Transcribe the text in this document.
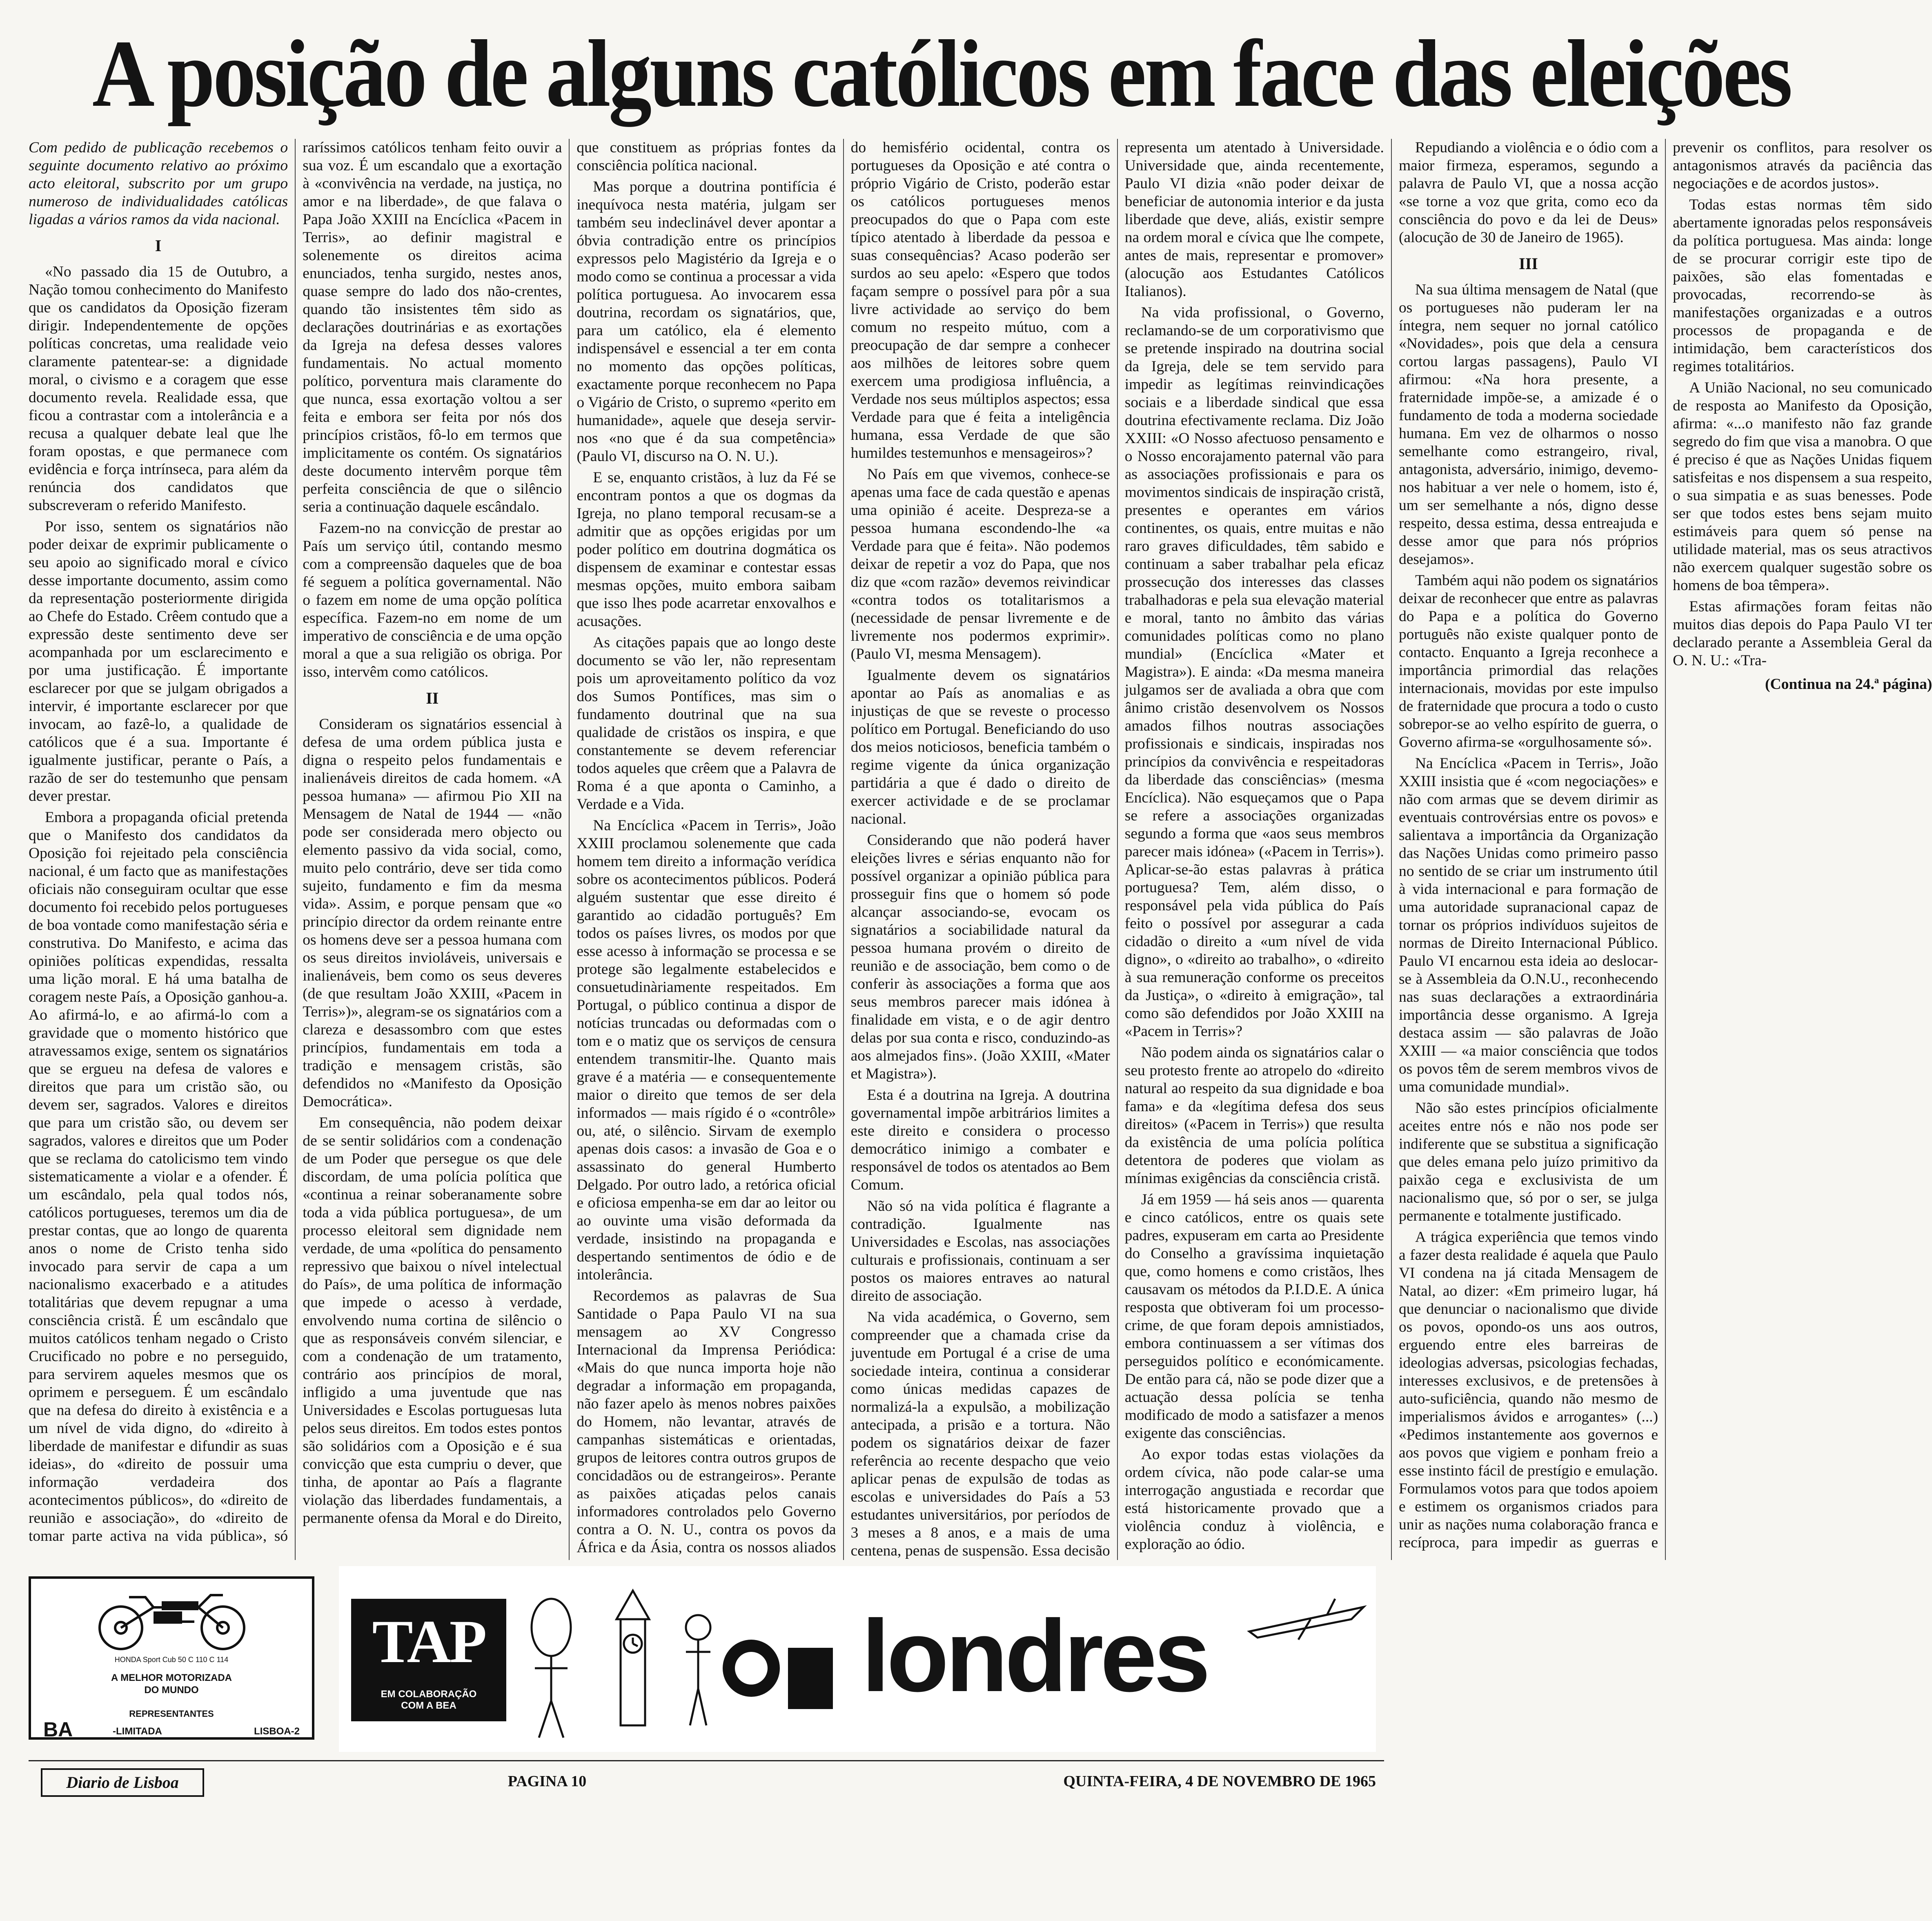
A posição de alguns católicos em face das eleições

Com pedido de publicação recebemos o seguinte documento relativo ao próximo acto eleitoral, subscrito por um grupo numeroso de individualidades católicas ligadas a vários ramos da vida nacional.

I

«No passado dia 15 de Outubro, a Nação tomou conhecimento do Manifesto que os candidatos da Oposição fizeram dirigir. Independentemente de opções políticas concretas, uma realidade veio claramente patentear-se: a dignidade moral, o civismo e a coragem que esse documento revela. Realidade essa, que ficou a contrastar com a intolerância e a recusa a qualquer debate leal que lhe foram opostas, e que permanece com evidência e força intrínseca, para além da renúncia dos candidatos que subscreveram o referido Manifesto.

Por isso, sentem os signatários não poder deixar de exprimir publicamente o seu apoio ao significado moral e cívico desse importante documento, assim como da representação posteriormente dirigida ao Chefe do Estado. Crêem contudo que a expressão deste sentimento deve ser acompanhada por um esclarecimento e por uma justificação. É importante esclarecer por que se julgam obrigados a intervir, é importante esclarecer por que invocam, ao fazê-lo, a qualidade de católicos que é a sua. Importante é igualmente justificar, perante o País, a razão de ser do testemunho que pensam dever prestar.

Embora a propaganda oficial pretenda que o Manifesto dos candidatos da Oposição foi rejeitado pela consciência nacional, é um facto que as manifestações oficiais não conseguiram ocultar que esse documento foi recebido pelos portugueses de boa vontade como manifestação séria e construtiva. Do Manifesto, e acima das opiniões políticas expendidas, ressalta uma lição moral. E há uma batalha de coragem neste País, a Oposição ganhou-a. Ao afirmá-lo, e ao afirmá-lo com a gravidade que o momento histórico que atravessamos exige, sentem os signatários que se ergueu na defesa de valores e direitos que para um cristão são, ou devem ser, sagrados. Valores e direitos que para um cristão são, ou devem ser sagrados, valores e direitos que um Poder que se reclama do catolicismo tem vindo sistematicamente a violar e a ofender. É um escândalo, pela qual todos nós, católicos portugueses, teremos um dia de prestar contas, que ao longo de quarenta anos o nome de Cristo tenha sido invocado para servir de capa a um nacionalismo exacerbado e a atitudes totalitárias que devem repugnar a uma consciência cristã. É um escândalo que muitos católicos tenham negado o Cristo Crucificado no pobre e no perseguido, para servirem aqueles mesmos que os oprimem e perseguem. É um escândalo que na defesa do direito à existência e a um nível de vida digno, do «direito à liberdade de manifestar e difundir as suas ideias», do «direito de possuir uma informação verdadeira dos acontecimentos públicos», do «direito de reunião e associação», do «direito de tomar parte activa na vida pública», só raríssimos católicos tenham feito ouvir a sua voz. É um escandalo que a exortação à «convivência na verdade, na justiça, no amor e na liberdade», de que falava o Papa João XXIII na Encíclica «Pacem in Terris», ao definir magistral e solenemente os direitos acima enunciados, tenha surgido, nestes anos, quase sempre do lado dos não-crentes, quando tão insistentes têm sido as declarações doutrinárias e as exortações da Igreja na defesa desses valores fundamentais. No actual momento político, porventura mais claramente do que nunca, essa exortação voltou a ser feita e embora ser feita por nós dos princípios cristãos, fô-lo em termos que implicitamente os contém. Os signatários deste documento intervêm porque têm perfeita consciência de que o silêncio seria a continuação daquele escândalo.

Fazem-no na convicção de prestar ao País um serviço útil, contando mesmo com a compreensão daqueles que de boa fé seguem a política governamental. Não o fazem em nome de uma opção política específica. Fazem-no em nome de um imperativo de consciência e de uma opção moral a que a sua religião os obriga. Por isso, intervêm como católicos.

II

Consideram os signatários essencial à defesa de uma ordem pública justa e digna o respeito pelos fundamentais e inalienáveis direitos de cada homem. «A pessoa humana» — afirmou Pio XII na Mensagem de Natal de 1944 — «não pode ser considerada mero objecto ou elemento passivo da vida social, como, muito pelo contrário, deve ser tida como sujeito, fundamento e fim da mesma vida». Assim, e porque pensam que «o princípio director da ordem reinante entre os homens deve ser a pessoa humana com os seus direitos invioláveis, universais e inalienáveis, bem como os seus deveres (de que resultam João XXIII, «Pacem in Terris»)», alegram-se os signatários com a clareza e desassombro com que estes princípios, fundamentais em toda a tradição e mensagem cristãs, são defendidos no «Manifesto da Oposição Democrática».

Em consequência, não podem deixar de se sentir solidários com a condenação de um Poder que persegue os que dele discordam, de uma polícia política que «continua a reinar soberanamente sobre toda a vida pública portuguesa», de um processo eleitoral sem dignidade nem verdade, de uma «política do pensamento repressivo que baixou o nível intelectual do País», de uma política de informação que impede o acesso à verdade, envolvendo numa cortina de silêncio o que as responsáveis convém silenciar, e com a condenação de um tratamento, contrário aos princípios de moral, infligido a uma juventude que nas Universidades e Escolas portuguesas luta pelos seus direitos. Em todos estes pontos são solidários com a Oposição e é sua convicção que esta cumpriu o dever, que tinha, de apontar ao País a flagrante violação das liberdades fundamentais, a permanente ofensa da Moral e do Direito, que constituem as próprias fontes da consciência política nacional.

Mas porque a doutrina pontifícia é inequívoca nesta matéria, julgam ser também seu indeclinável dever apontar a óbvia contradição entre os princípios expressos pelo Magistério da Igreja e o modo como se continua a processar a vida política portuguesa. Ao invocarem essa doutrina, recordam os signatários, que, para um católico, ela é elemento indispensável e essencial a ter em conta no momento das opções políticas, exactamente porque reconhecem no Papa o Vigário de Cristo, o supremo «perito em humanidade», aquele que deseja servir-nos «no que é da sua competência» (Paulo VI, discurso na O. N. U.).

E se, enquanto cristãos, à luz da Fé se encontram pontos a que os dogmas da Igreja, no plano temporal recusam-se a admitir que as opções erigidas por um poder político em doutrina dogmática os dispensem de examinar e contestar essas mesmas opções, muito embora saibam que isso lhes pode acarretar enxovalhos e acusações.

As citações papais que ao longo deste documento se vão ler, não representam pois um aproveitamento político da voz dos Sumos Pontífices, mas sim o fundamento doutrinal que na sua qualidade de cristãos os inspira, e que constantemente se devem referenciar todos aqueles que crêem que a Palavra de Roma é a que aponta o Caminho, a Verdade e a Vida.

Na Encíclica «Pacem in Terris», João XXIII proclamou solenemente que cada homem tem direito a informação verídica sobre os acontecimentos públicos. Poderá alguém sustentar que esse direito é garantido ao cidadão português? Em todos os países livres, os modos por que esse acesso à informação se processa e se protege são legalmente estabelecidos e consuetudinàriamente respeitados. Em Portugal, o público continua a dispor de notícias truncadas ou deformadas com o tom e o matiz que os serviços de censura entendem transmitir-lhe. Quanto mais grave é a matéria — e consequentemente maior o direito que temos de ser dela informados — mais rígido é o «contrôle» ou, até, o silêncio. Sirvam de exemplo apenas dois casos: a invasão de Goa e o assassinato do general Humberto Delgado. Por outro lado, a retórica oficial e oficiosa empenha-se em dar ao leitor ou ao ouvinte uma visão deformada da verdade, insistindo na propaganda e despertando sentimentos de ódio e de intolerância.

Recordemos as palavras de Sua Santidade o Papa Paulo VI na sua mensagem ao XV Congresso Internacional da Imprensa Periódica: «Mais do que nunca importa hoje não degradar a informação em propaganda, não fazer apelo às menos nobres paixões do Homem, não levantar, através de campanhas sistemáticas e orientadas, grupos de leitores contra outros grupos de concidadãos ou de estrangeiros». Perante as paixões atiçadas pelos canais informadores controlados pelo Governo contra a O. N. U., contra os povos da África e da Ásia, contra os nossos aliados do hemisfério ocidental, contra os portugueses da Oposição e até contra o próprio Vigário de Cristo, poderão estar os católicos portugueses menos preocupados do que o Papa com este típico atentado à liberdade da pessoa e suas consequências? Acaso poderão ser surdos ao seu apelo: «Espero que todos façam sempre o possível para pôr a sua livre actividade ao serviço do bem comum no respeito mútuo, com a preocupação de dar sempre a conhecer aos milhões de leitores sobre quem exercem uma prodigiosa influência, a Verdade nos seus múltiplos aspectos; essa Verdade para que é feita a inteligência humana, essa Verdade de que são humildes testemunhos e mensageiros»?

No País em que vivemos, conhece-se apenas uma face de cada questão e apenas uma opinião é aceite. Despreza-se a pessoa humana escondendo-lhe «a Verdade para que é feita». Não podemos deixar de repetir a voz do Papa, que nos diz que «com razão» devemos reivindicar «contra todos os totalitarismos a (necessidade de pensar livremente e de livremente nos podermos exprimir». (Paulo VI, mesma Mensagem).

Igualmente devem os signatários apontar ao País as anomalias e as injustiças de que se reveste o processo político em Portugal. Beneficiando do uso dos meios noticiosos, beneficia também o regime vigente da única organização partidária a que é dado o direito de exercer actividade e de se proclamar nacional.

Considerando que não poderá haver eleições livres e sérias enquanto não for possível organizar a opinião pública para prosseguir fins que o homem só pode alcançar associando-se, evocam os signatários a sociabilidade natural da pessoa humana provém o direito de reunião e de associação, bem como o de conferir às associações a forma que aos seus membros parecer mais idónea à finalidade em vista, e o de agir dentro delas por sua conta e risco, conduzindo-as aos almejados fins». (João XXIII, «Mater et Magistra»).

Esta é a doutrina na Igreja. A doutrina governamental impõe arbitrários limites a este direito e considera o processo democrático inimigo a combater e responsável de todos os atentados ao Bem Comum.

Não só na vida política é flagrante a contradição. Igualmente nas Universidades e Escolas, nas associações culturais e profissionais, continuam a ser postos os maiores entraves ao natural direito de associação.

Na vida académica, o Governo, sem compreender que a chamada crise da juventude em Portugal é a crise de uma sociedade inteira, continua a considerar como únicas medidas capazes de normalizá-la a expulsão, a mobilização antecipada, a prisão e a tortura. Não podem os signatários deixar de fazer referência ao recente despacho que veio aplicar penas de expulsão de todas as escolas e universidades do País a 53 estudantes universitários, por períodos de 3 meses a 8 anos, e a mais de uma centena, penas de suspensão. Essa decisão representa um atentado à Universidade. Universidade que, ainda recentemente, Paulo VI dizia «não poder deixar de beneficiar de autonomia interior e da justa liberdade que deve, aliás, existir sempre na ordem moral e cívica que lhe compete, antes de mais, representar e promover» (alocução aos Estudantes Católicos Italianos).

Na vida profissional, o Governo, reclamando-se de um corporativismo que se pretende inspirado na doutrina social da Igreja, dele se tem servido para impedir as legítimas reinvindicações sociais e a liberdade sindical que essa doutrina efectivamente reclama. Diz João XXIII: «O Nosso afectuoso pensamento e o Nosso encorajamento paternal vão para as associações profissionais e para os movimentos sindicais de inspiração cristã, presentes e operantes em vários continentes, os quais, entre muitas e não raro graves dificuldades, têm sabido e continuam a saber trabalhar pela eficaz prossecução dos interesses das classes trabalhadoras e pela sua elevação material e moral, tanto no âmbito das várias comunidades políticas como no plano mundial» (Encíclica «Mater et Magistra»). E ainda: «Da mesma maneira julgamos ser de avaliada a obra que com ânimo cristão desenvolvem os Nossos amados filhos noutras associações profissionais e sindicais, inspiradas nos princípios da convivência e respeitadoras da liberdade das consciências» (mesma Encíclica). Não esqueçamos que o Papa se refere a associações organizadas segundo a forma que «aos seus membros parecer mais idónea» («Pacem in Terris»). Aplicar-se-ão estas palavras à prática portuguesa? Tem, além disso, o responsável pela vida pública do País feito o possível por assegurar a cada cidadão o direito a «um nível de vida digno», o «direito ao trabalho», o «direito à sua remuneração conforme os preceitos da Justiça», o «direito à emigração», tal como são defendidos por João XXIII na «Pacem in Terris»?

Não podem ainda os signatários calar o seu protesto frente ao atropelo do «direito natural ao respeito da sua dignidade e boa fama» e da «legítima defesa dos seus direitos» («Pacem in Terris») que resulta da existência de uma polícia política detentora de poderes que violam as mínimas exigências da consciência cristã.

Já em 1959 — há seis anos — quarenta e cinco católicos, entre os quais sete padres, expuseram em carta ao Presidente do Conselho a gravíssima inquietação que, como homens e como cristãos, lhes causavam os métodos da P.I.D.E. A única resposta que obtiveram foi um processo-crime, de que foram depois amnistiados, embora continuassem a ser vítimas dos perseguidos político e económicamente. De então para cá, não se pode dizer que a actuação dessa polícia se tenha modificado de modo a satisfazer a menos exigente das consciências.

Ao expor todas estas violações da ordem cívica, não pode calar-se uma interrogação angustiada e recordar que está historicamente provado que a violência conduz à violência, e exploração ao ódio.

Repudiando a violência e o ódio com a maior firmeza, esperamos, segundo a palavra de Paulo VI, que a nossa acção «se torne a voz que grita, como eco da consciência do povo e da lei de Deus» (alocução de 30 de Janeiro de 1965).

III

Na sua última mensagem de Natal (que os portugueses não puderam ler na íntegra, nem sequer no jornal católico «Novidades», pois que dela a censura cortou largas passagens), Paulo VI afirmou: «Na hora presente, a fraternidade impõe-se, a amizade é o fundamento de toda a moderna sociedade humana. Em vez de olharmos o nosso semelhante como estrangeiro, rival, antagonista, adversário, inimigo, devemo-nos habituar a ver nele o homem, isto é, um ser semelhante a nós, digno desse respeito, dessa estima, dessa entreajuda e desse amor que para nós próprios desejamos».

Também aqui não podem os signatários deixar de reconhecer que entre as palavras do Papa e a política do Governo português não existe qualquer ponto de contacto. Enquanto a Igreja reconhece a importância primordial das relações internacionais, movidas por este impulso de fraternidade que procura a todo o custo sobrepor-se ao velho espírito de guerra, o Governo afirma-se «orgulhosamente só».

Na Encíclica «Pacem in Terris», João XXIII insistia que é «com negociações» e não com armas que se devem dirimir as eventuais controvérsias entre os povos» e salientava a importância da Organização das Nações Unidas como primeiro passo no sentido de se criar um instrumento útil à vida internacional e para formação de uma autoridade supranacional capaz de tornar os próprios indivíduos sujeitos de normas de Direito Internacional Público. Paulo VI encarnou esta ideia ao deslocar-se à Assembleia da O.N.U., reconhecendo nas suas declarações a extraordinária importância desse organismo. A Igreja destaca assim — são palavras de João XXIII — «a maior consciência que todos os povos têm de serem membros vivos de uma comunidade mundial».

Não são estes princípios oficialmente aceites entre nós e não nos pode ser indiferente que se substitua a significação que deles emana pelo juízo primitivo da paixão cega e exclusivista de um nacionalismo que, só por o ser, se julga permanente e totalmente justificado.

A trágica experiência que temos vindo a fazer desta realidade é aquela que Paulo VI condena na já citada Mensagem de Natal, ao dizer: «Em primeiro lugar, há que denunciar o nacionalismo que divide os povos, opondo-os uns aos outros, erguendo entre eles barreiras de ideologias adversas, psicologias fechadas, interesses exclusivos, e de pretensões à auto-suficiência, quando não mesmo de imperialismos ávidos e arrogantes» (...) «Pedimos instantemente aos governos e aos povos que vigiem e ponham freio a esse instinto fácil de prestígio e emulação. Formulamos votos para que todos apoiem e estimem os organismos criados para unir as nações numa colaboração franca e recíproca, para impedir as guerras e prevenir os conflitos, para resolver os antagonismos através da paciência das negociações e de acordos justos».

Todas estas normas têm sido abertamente ignoradas pelos responsáveis da política portuguesa. Mas ainda: longe de se procurar corrigir este tipo de paixões, são elas fomentadas e provocadas, recorrendo-se às manifestações organizadas e a outros processos de propaganda e de intimidação, bem característicos dos regimes totalitários.

A União Nacional, no seu comunicado de resposta ao Manifesto da Oposição, afirma: «...o manifesto não faz grande segredo do fim que visa a manobra. O que é preciso é que as Nações Unidas fiquem satisfeitas e nos dispensem a sua respeito, o sua simpatia e as suas benesses. Pode ser que todos estes bens sejam muito estimáveis para quem só pense na utilidade material, mas os seus atractivos não exercem qualquer sugestão sobre os homens de boa têmpera».

Estas afirmações foram feitas não muitos dias depois do Papa Paulo VI ter declarado perante a Assembleia Geral da O. N. U.: «Tra-

(Continua na 24.ª página)
HONDA Sport Cub 50 C 110 C 114
A MELHOR MOTORIZADA
DO MUNDO
REPRESENTANTES
BA	-LIMITADA	LISBOA-2
TAP
EM COLABORAÇÃO
COM A BEA	londres
Diario de Lisboa	PAGINA 10	QUINTA-FEIRA, 4 DE NOVEMBRO DE 1965
